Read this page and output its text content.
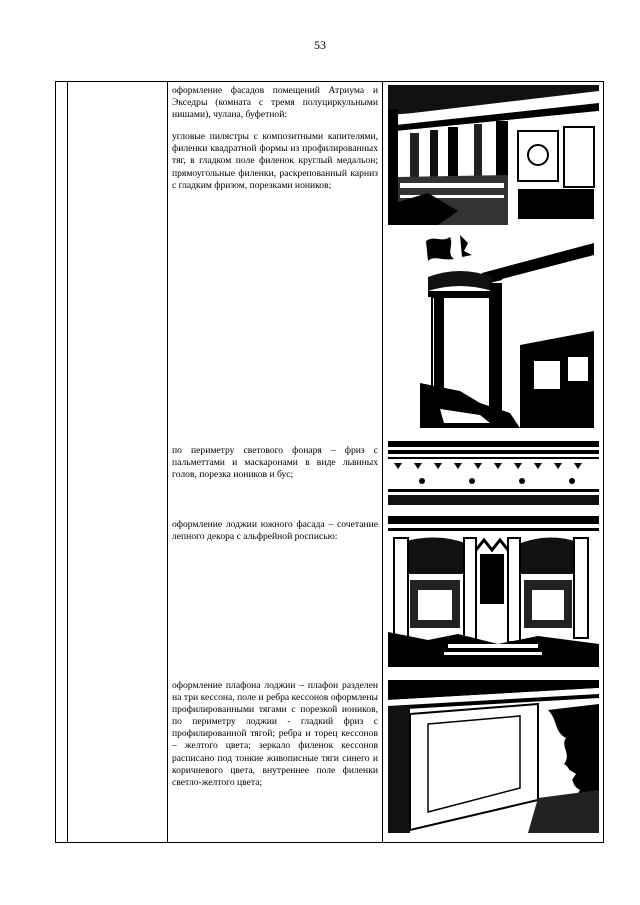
53

оформление фасадов помещений Атриума и Экседры (комната с тремя полуциркульными нишами), чулана, буфетной:

угловые пилястры с композитными капителями, филенки квадратной формы из профилированных тяг, в гладком поле филенок круглый медальон; прямоугольные филенки, раскрепованный карниз с гладким фризом, порезками иоников;

по периметру светового фонаря – фриз с пальметтами и маскаронами в виде львиных голов, порезка иоников и бус;

оформление лоджии южного фасада – сочетание лепного декора с альфрейной росписью:

оформление плафона лоджии – плафон разделен на три кессона, поле и ребра кессонов оформлены профилированными тягами с порезкой иоников, по периметру лоджии - гладкий фриз с профилированной тягой; ребра и торец кессонов – желтого цвета; зеркало филенок кессонов расписано под тонкие живописные тяги синего и коричневого цвета, внутреннее поле филенки светло-желтого цвета;
